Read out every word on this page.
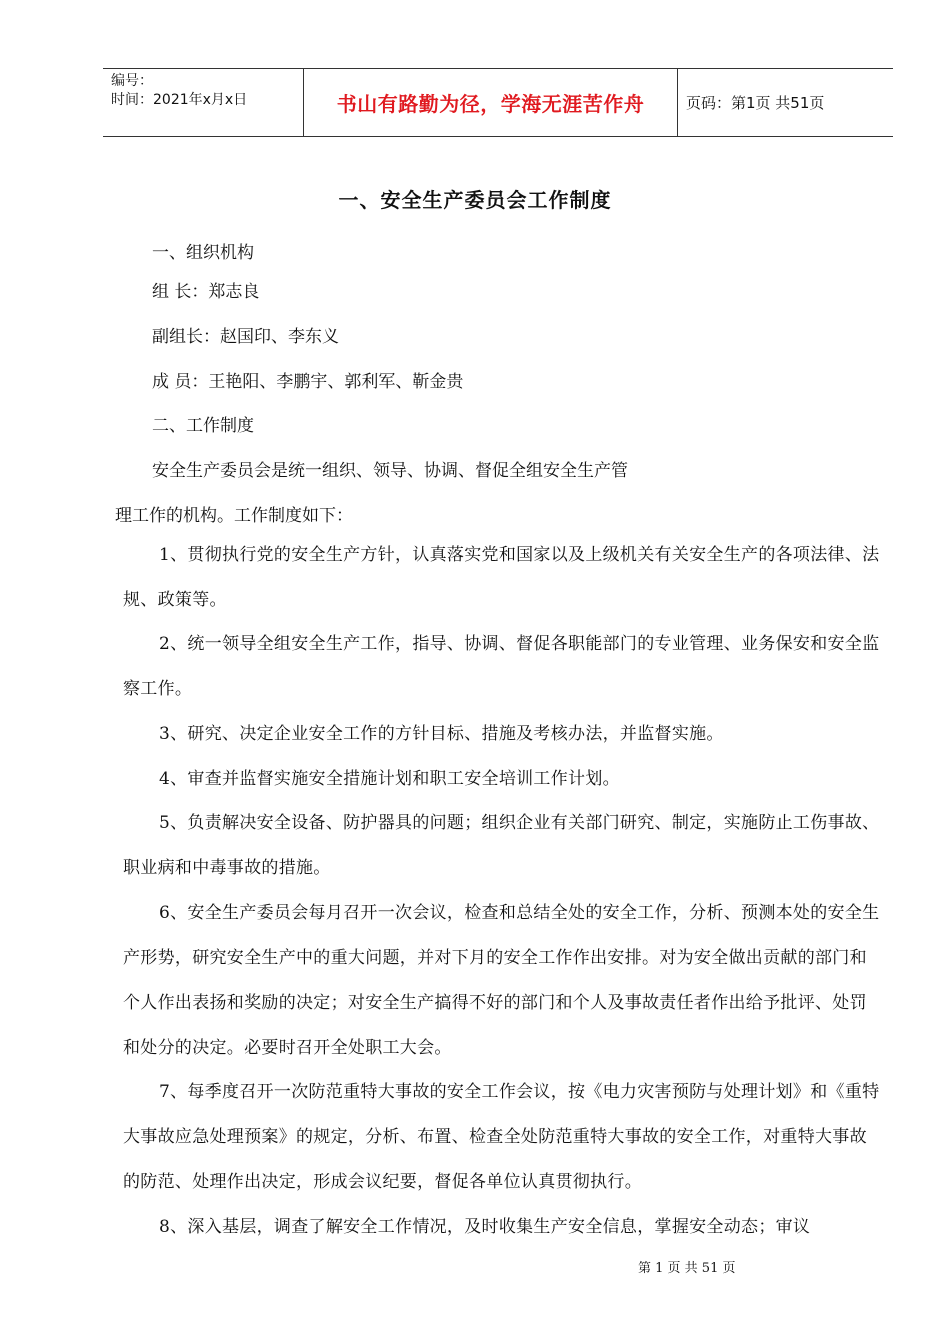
编号：
时间：2021年x月x日	书山有路勤为径，学海无涯苦作舟	页码：第1页 共51页
一、安全生产委员会工作制度

一、组织机构

组 长：郑志良

副组长：赵国印、李东义

成 员：王艳阳、李鹏宇、郭利军、靳金贵

二、工作制度

安全生产委员会是统一组织、领导、协调、督促全组安全生产管

理工作的机构。工作制度如下：

1、贯彻执行党的安全生产方针，认真落实党和国家以及上级机关有关安全生产的各项法律、法规、政策等。

2、统一领导全组安全生产工作，指导、协调、督促各职能部门的专业管理、业务保安和安全监察工作。

3、研究、决定企业安全工作的方针目标、措施及考核办法，并监督实施。

4、审查并监督实施安全措施计划和职工安全培训工作计划。

5、负责解决安全设备、防护器具的问题；组织企业有关部门研究、制定，实施防止工伤事故、职业病和中毒事故的措施。

6、安全生产委员会每月召开一次会议，检查和总结全处的安全工作，分析、预测本处的安全生产形势，研究安全生产中的重大问题，并对下月的安全工作作出安排。对为安全做出贡献的部门和个人作出表扬和奖励的决定；对安全生产搞得不好的部门和个人及事故责任者作出给予批评、处罚和处分的决定。必要时召开全处职工大会。

7、每季度召开一次防范重特大事故的安全工作会议，按《电力灾害预防与处理计划》和《重特大事故应急处理预案》的规定，分析、布置、检查全处防范重特大事故的安全工作，对重特大事故的防范、处理作出决定，形成会议纪要，督促各单位认真贯彻执行。

8、深入基层，调查了解安全工作情况，及时收集生产安全信息，掌握安全动态；审议

第 1 页 共 51 页
